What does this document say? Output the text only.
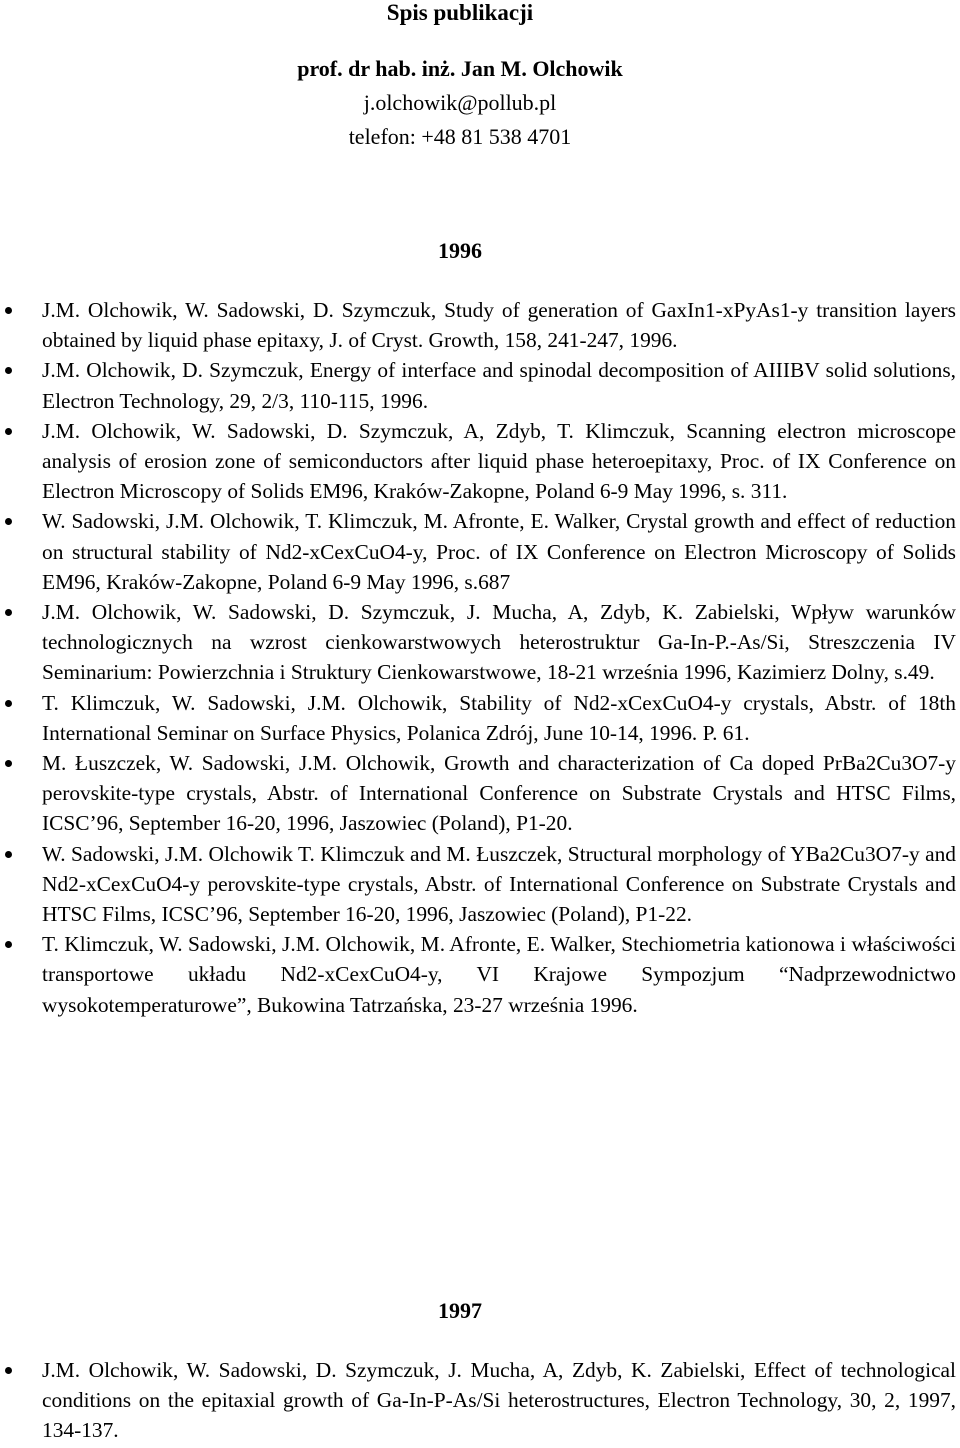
Spis publikacji

prof. dr hab. inż. Jan M. Olchowik

j.olchowik@pollub.pl

telefon: +48 81 538 4701

1996
J.M. Olchowik, W. Sadowski, D. Szymczuk, Study of generation of GaxIn1-xPyAs1-y transition layers obtained by liquid phase epitaxy, J. of Cryst. Growth, 158, 241-247, 1996.
J.M. Olchowik, D. Szymczuk, Energy of interface and spinodal decomposition of AIIIBV solid solutions, Electron Technology, 29, 2/3, 110-115, 1996.
J.M. Olchowik, W. Sadowski, D. Szymczuk, A, Zdyb, T. Klimczuk, Scanning electron microscope analysis of erosion zone of semiconductors after liquid phase heteroepitaxy, Proc. of IX Conference on Electron Microscopy of Solids EM96, Kraków-Zakopne, Poland 6-9 May 1996, s. 311.
W. Sadowski, J.M. Olchowik, T. Klimczuk, M. Afronte, E. Walker, Crystal growth and effect of reduction on structural stability of Nd2-xCexCuO4-y, Proc. of IX Conference on Electron Microscopy of Solids EM96, Kraków-Zakopne, Poland 6-9 May 1996, s.687
J.M. Olchowik, W. Sadowski, D. Szymczuk, J. Mucha, A, Zdyb, K. Zabielski, Wpływ warunków technologicznych na wzrost cienkowarstwowych heterostruktur Ga-In-P.-As/Si, Streszczenia IV Seminarium: Powierzchnia i Struktury Cienkowarstwowe, 18-21 września 1996, Kazimierz Dolny, s.49.
T. Klimczuk, W. Sadowski, J.M. Olchowik, Stability of Nd2-xCexCuO4-y crystals, Abstr. of 18th International Seminar on Surface Physics, Polanica Zdrój, June 10-14, 1996. P. 61.
M. Łuszczek, W. Sadowski, J.M. Olchowik, Growth and characterization of Ca doped PrBa2Cu3O7-y perovskite-type crystals, Abstr. of International Conference on Substrate Crystals and HTSC Films, ICSC’96, September 16-20, 1996, Jaszowiec (Poland), P1-20.
W. Sadowski, J.M. Olchowik T. Klimczuk and M. Łuszczek, Structural morphology of YBa2Cu3O7-y and Nd2-xCexCuO4-y perovskite-type crystals, Abstr. of International Conference on Substrate Crystals and HTSC Films, ICSC’96, September 16-20, 1996, Jaszowiec (Poland), P1-22.
T. Klimczuk, W. Sadowski, J.M. Olchowik, M. Afronte, E. Walker, Stechiometria kationowa i właściwości transportowe układu Nd2-xCexCuO4-y, VI Krajowe Sympozjum “Nadprzewodnictwo wysokotemperaturowe”, Bukowina Tatrzańska, 23-27 września 1996.
1997
J.M. Olchowik, W. Sadowski, D. Szymczuk, J. Mucha, A, Zdyb, K. Zabielski, Effect of technological conditions on the epitaxial growth of Ga-In-P-As/Si heterostructures, Electron Technology, 30, 2, 1997, 134-137.
